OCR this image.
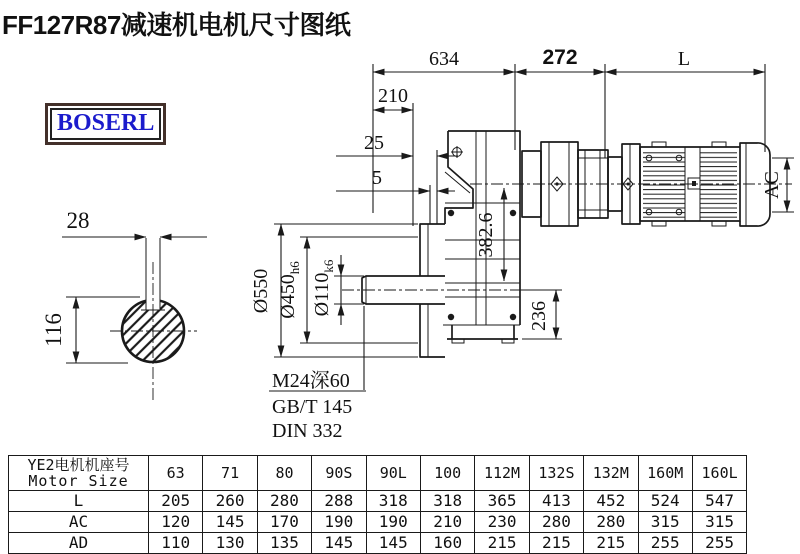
FF127R87减速机电机尺寸图纸
BOSERL
634	272	L
210
25
5
28
116
Ø550 $Ø450_{h6}$
$Ø110_{k6}$
382.6
236
AC
M24深60
GB/T 145
DIN 332
YE2电机机座号
Motor Size	63	71	80	90S	90L	100	112M	132S	132M	160M	160L
L	205	260	280	288	318	318	365	413	452	524	547
AC	120	145	170	190	190	210	230	280	280	315	315
AD	110	130	135	145	145	160	215	215	215	255	255
